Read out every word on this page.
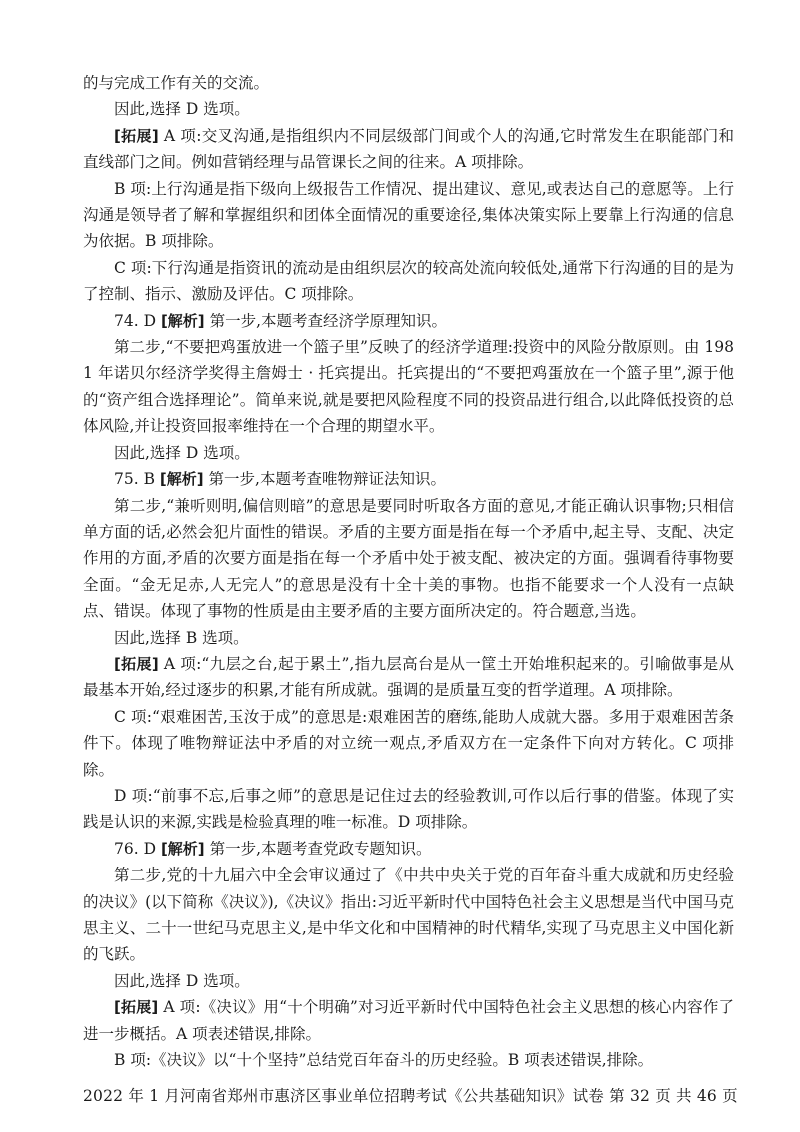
的与完成工作有关的交流。

因此,选择 D 选项。

[拓展] A 项:交叉沟通,是指组织内不同层级部门间或个人的沟通,它时常发生在职能部门和直线部门之间。例如营销经理与品管课长之间的往来。A 项排除。

B 项:上行沟通是指下级向上级报告工作情况、提出建议、意见,或表达自己的意愿等。上行沟通是领导者了解和掌握组织和团体全面情况的重要途径,集体决策实际上要靠上行沟通的信息为依据。B 项排除。

C 项:下行沟通是指资讯的流动是由组织层次的较高处流向较低处,通常下行沟通的目的是为了控制、指示、激励及评估。C 项排除。

74. D [解析] 第一步,本题考查经济学原理知识。

第二步,“不要把鸡蛋放进一个篮子里”反映了的经济学道理:投资中的风险分散原则。由 1981 年诺贝尔经济学奖得主詹姆士 · 托宾提出。托宾提出的“不要把鸡蛋放在一个篮子里”,源于他的“资产组合选择理论”。简单来说,就是要把风险程度不同的投资品进行组合,以此降低投资的总体风险,并让投资回报率维持在一个合理的期望水平。

因此,选择 D 选项。

75. B [解析] 第一步,本题考查唯物辩证法知识。

第二步,“兼听则明,偏信则暗”的意思是要同时听取各方面的意见,才能正确认识事物;只相信单方面的话,必然会犯片面性的错误。矛盾的主要方面是指在每一个矛盾中,起主导、支配、决定作用的方面,矛盾的次要方面是指在每一个矛盾中处于被支配、被决定的方面。强调看待事物要全面。“金无足赤,人无完人”的意思是没有十全十美的事物。也指不能要求一个人没有一点缺点、错误。体现了事物的性质是由主要矛盾的主要方面所决定的。符合题意,当选。

因此,选择 B 选项。

[拓展] A 项:“九层之台,起于累土”,指九层高台是从一筐土开始堆积起来的。引喻做事是从最基本开始,经过逐步的积累,才能有所成就。强调的是质量互变的哲学道理。A 项排除。

C 项:“艰难困苦,玉汝于成”的意思是:艰难困苦的磨练,能助人成就大器。多用于艰难困苦条件下。体现了唯物辩证法中矛盾的对立统一观点,矛盾双方在一定条件下向对方转化。C 项排除。

D 项:“前事不忘,后事之师”的意思是记住过去的经验教训,可作以后行事的借鉴。体现了实践是认识的来源,实践是检验真理的唯一标准。D 项排除。

76. D [解析] 第一步,本题考查党政专题知识。

第二步,党的十九届六中全会审议通过了《中共中央关于党的百年奋斗重大成就和历史经验的决议》(以下简称《决议》),《决议》指出:习近平新时代中国特色社会主义思想是当代中国马克思主义、二十一世纪马克思主义,是中华文化和中国精神的时代精华,实现了马克思主义中国化新的飞跃。

因此,选择 D 选项。

[拓展] A 项:《决议》用“十个明确”对习近平新时代中国特色社会主义思想的核心内容作了进一步概括。A 项表述错误,排除。

B 项:《决议》以“十个坚持”总结党百年奋斗的历史经验。B 项表述错误,排除。

2022 年 1 月河南省郑州市惠济区事业单位招聘考试《公共基础知识》试卷 第 32 页 共 46 页
